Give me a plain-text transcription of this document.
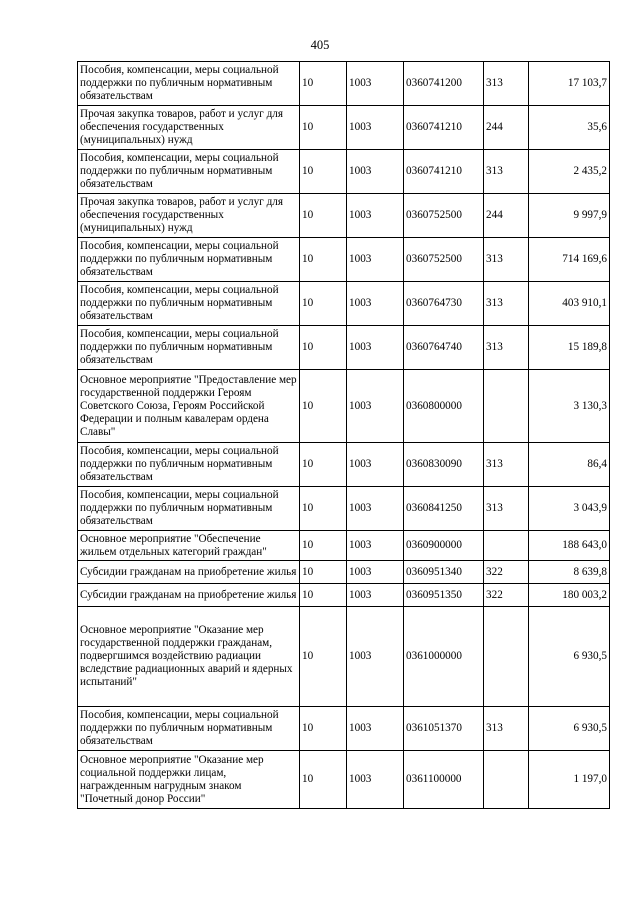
405
Пособия, компенсации, меры социальной поддержки по публичным нормативным обязательствам	10	1003	0360741200	313	17 103,7
Прочая закупка товаров, работ и услуг для обеспечения государственных (муниципальных) нужд	10	1003	0360741210	244	35,6
Пособия, компенсации, меры социальной поддержки по публичным нормативным обязательствам	10	1003	0360741210	313	2 435,2
Прочая закупка товаров, работ и услуг для обеспечения государственных (муниципальных) нужд	10	1003	0360752500	244	9 997,9
Пособия, компенсации, меры социальной поддержки по публичным нормативным обязательствам	10	1003	0360752500	313	714 169,6
Пособия, компенсации, меры социальной поддержки по публичным нормативным обязательствам	10	1003	0360764730	313	403 910,1
Пособия, компенсации, меры социальной поддержки по публичным нормативным обязательствам	10	1003	0360764740	313	15 189,8
Основное мероприятие "Предоставление мер государственной поддержки Героям Советского Союза, Героям Российской Федерации и полным кавалерам ордена Славы"	10	1003	0360800000		3 130,3
Пособия, компенсации, меры социальной поддержки по публичным нормативным обязательствам	10	1003	0360830090	313	86,4
Пособия, компенсации, меры социальной поддержки по публичным нормативным обязательствам	10	1003	0360841250	313	3 043,9
Основное мероприятие "Обеспечение жильем отдельных категорий граждан"	10	1003	0360900000		188 643,0
Субсидии гражданам на приобретение жилья	10	1003	0360951340	322	8 639,8
Субсидии гражданам на приобретение жилья	10	1003	0360951350	322	180 003,2
Основное мероприятие "Оказание мер государственной поддержки гражданам, подвергшимся воздействию радиации вследствие радиационных аварий и ядерных испытаний"	10	1003	0361000000		6 930,5
Пособия, компенсации, меры социальной поддержки по публичным нормативным обязательствам	10	1003	0361051370	313	6 930,5
Основное мероприятие "Оказание мер социальной поддержки лицам, награжденным нагрудным знаком "Почетный донор России"	10	1003	0361100000		1 197,0
